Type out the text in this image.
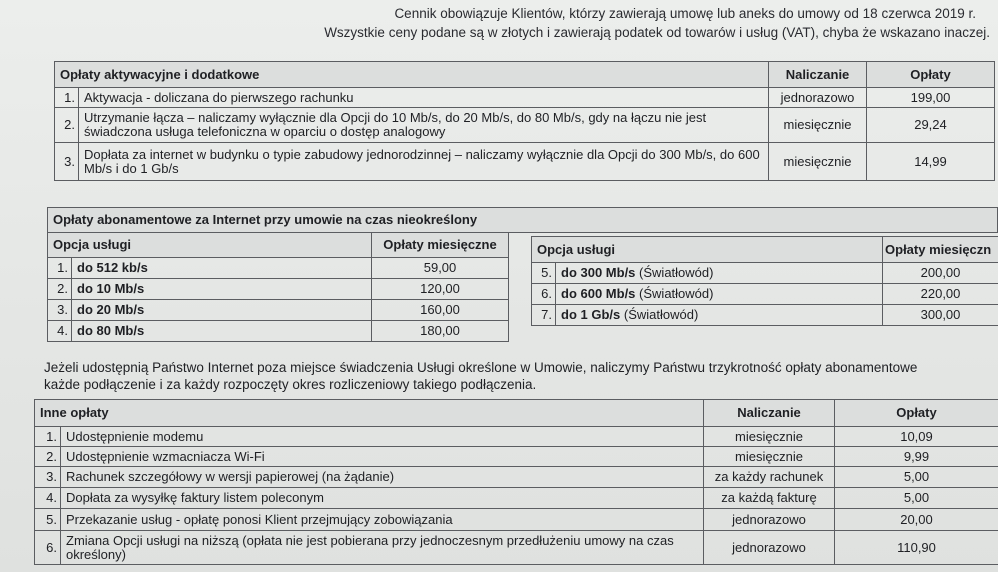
Cennik obowiązuje Klientów, którzy zawierają umowę lub aneks do umowy od 18 czerwca 2019 r.
Wszystkie ceny podane są w złotych i zawierają podatek od towarów i usług (VAT), chyba że wskazano inaczej.
Opłaty aktywacyjne i dodatkowe		Naliczanie	Opłaty
1.	Aktywacja - doliczana do pierwszego rachunku	jednorazowo	199,00
2.	Utrzymanie łącza – naliczamy wyłącznie dla Opcji do 10 Mb/s, do 20 Mb/s, do 80 Mb/s, gdy na łączu nie jest świadczona usługa telefoniczna w oparciu o dostęp analogowy	miesięcznie	29,24
3.	Dopłata za internet w budynku o typie zabudowy jednorodzinnej – naliczamy wyłącznie dla Opcji do 300 Mb/s, do 600 Mb/s i do 1 Gb/s	miesięcznie	14,99
Opłaty abonamentowe za Internet przy umowie na czas nieokreślony
Opcja usługi		Opłaty miesięczne
1.	do 512 kb/s	59,00
2.	do 10 Mb/s	120,00
3.	do 20 Mb/s	160,00
4.	do 80 Mb/s	180,00
Opcja usługi		Opłaty miesięczn
5.	do 300 Mb/s (Światłowód)	200,00
6.	do 600 Mb/s (Światłowód)	220,00
7.	do 1 Gb/s (Światłowód)	300,00
Jeżeli udostępnią Państwo Internet poza miejsce świadczenia Usługi określone w Umowie, naliczymy Państwu trzykrotność opłaty abonamentowe
każde podłączenie i za każdy rozpoczęty okres rozliczeniowy takiego podłączenia.
Inne opłaty		Naliczanie	Opłaty
1.	Udostępnienie modemu	miesięcznie	10,09
2.	Udostępnienie wzmacniacza Wi-Fi	miesięcznie	9,99
3.	Rachunek szczegółowy w wersji papierowej (na żądanie)	za każdy rachunek	5,00
4.	Dopłata za wysyłkę faktury listem poleconym	za każdą fakturę	5,00
5.	Przekazanie usług - opłatę ponosi Klient przejmujący zobowiązania	jednorazowo	20,00
6.	Zmiana Opcji usługi na niższą (opłata nie jest pobierana przy jednoczesnym przedłużeniu umowy na czas określony)	jednorazowo	110,90
